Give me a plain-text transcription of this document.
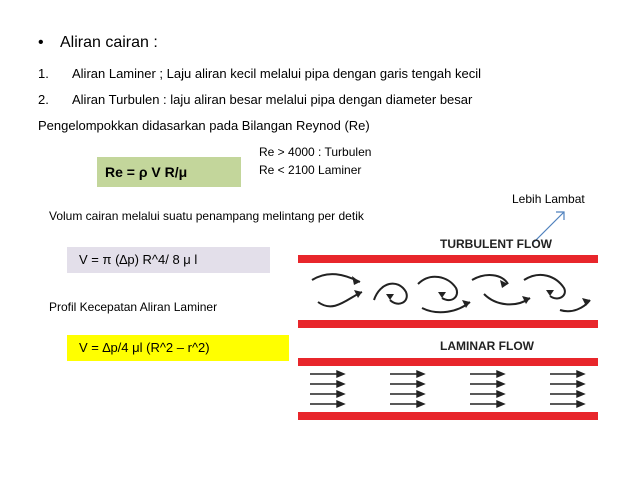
• Aliran cairan :
1. Aliran Laminer ; Laju aliran kecil melalui pipa dengan garis tengah kecil
2. Aliran Turbulen : laju aliran besar melalui pipa dengan diameter besar
Pengelompokkan didasarkan pada Bilangan Reynod (Re)
Re = ρ V R/μ
Re > 4000 : Turbulen
Re < 2100 Laminer
Lebih Lambat
Volum cairan melalui suatu penampang melintang per detik
V = π (∆p) R^4/ 8 μ l
Profil Kecepatan Aliran Laminer
V = ∆p/4 μl (R^2 – r^2)
TURBULENT FLOW
LAMINAR FLOW
